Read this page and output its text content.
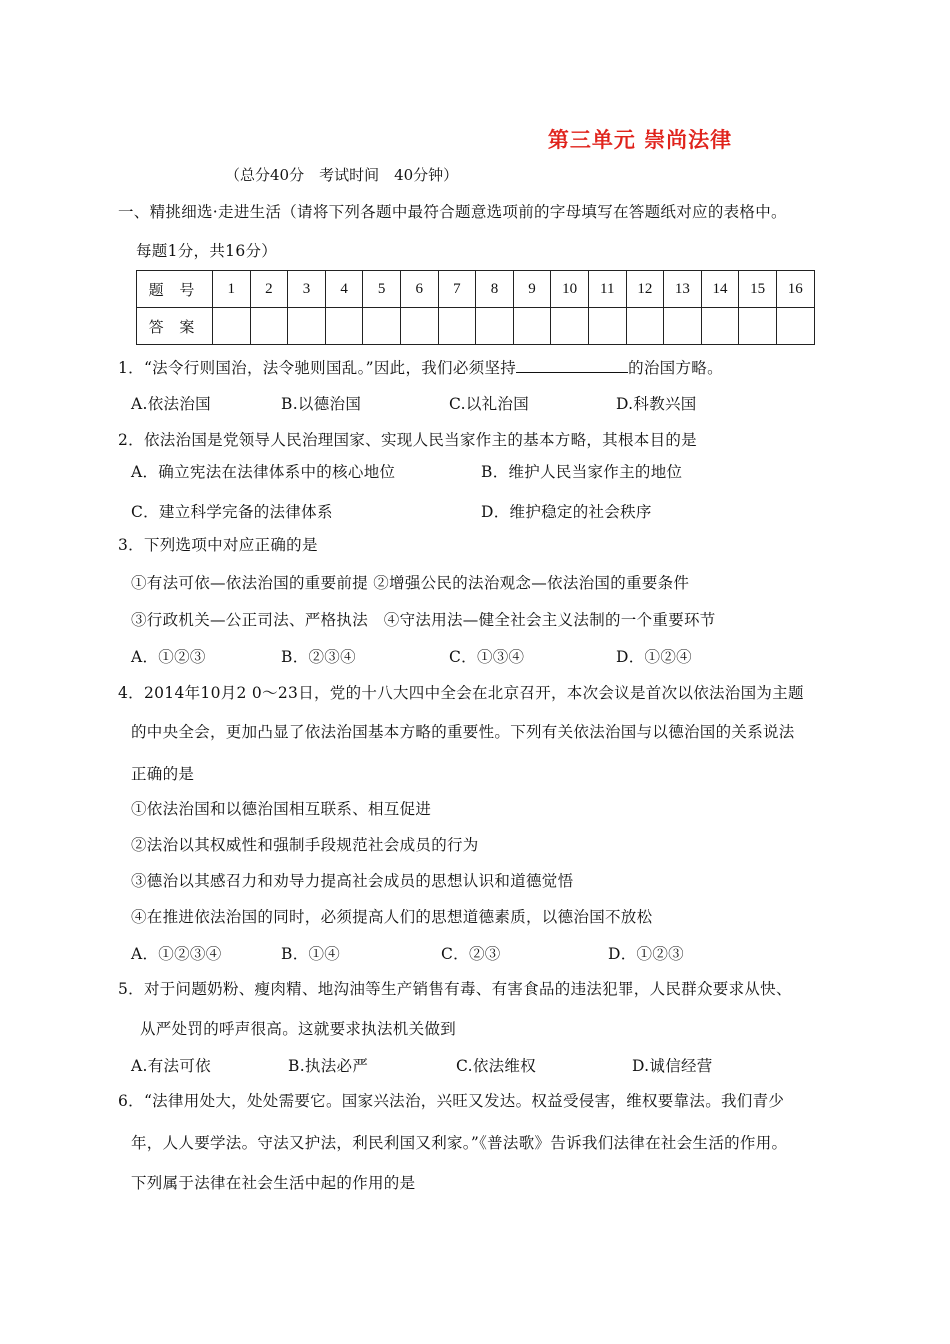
第三单元 崇尚法律
（总分40分　考试时间　40分钟）
一、精挑细选·走进生活（请将下列各题中最符合题意选项前的字母填写在答题纸对应的表格中。
每题1分，共16分）
题 号	1	2	3	4	5	6	7	8	9	10	11	12	13	14	15	16
答 案																
1．“法令行则国治，法令驰则国乱。”因此，我们必须坚持	的治国方略。
A.依法治国	B.以德治国	C.以礼治国	D.科教兴国
2．依法治国是党领导人民治理国家、实现人民当家作主的基本方略，其根本目的是
A．确立宪法在法律体系中的核心地位	B．维护人民当家作主的地位
C．建立科学完备的法律体系	D．维护稳定的社会秩序
3．下列选项中对应正确的是
①有法可依—依法治国的重要前提 ②增强公民的法治观念—依法治国的重要条件
③行政机关—公正司法、严格执法　④守法用法—健全社会主义法制的一个重要环节
A．①②③	B．②③④	C．①③④	D．①②④
4．2014年10月2 0～23日，党的十八大四中全会在北京召开，本次会议是首次以依法治国为主题
的中央全会，更加凸显了依法治国基本方略的重要性。下列有关依法治国与以德治国的关系说法
正确的是
①依法治国和以德治国相互联系、相互促进
②法治以其权威性和强制手段规范社会成员的行为
③德治以其感召力和劝导力提高社会成员的思想认识和道德觉悟
④在推进依法治国的同时，必须提高人们的思想道德素质，以德治国不放松
A．①②③④	B．①④	C．②③	D．①②③
5．对于问题奶粉、瘦肉精、地沟油等生产销售有毒、有害食品的违法犯罪，人民群众要求从快、
从严处罚的呼声很高。这就要求执法机关做到
A.有法可依	B.执法必严	C.依法维权	D.诚信经营
6．“法律用处大，处处需要它。国家兴法治，兴旺又发达。权益受侵害，维权要靠法。我们青少
年，人人要学法。守法又护法，利民利国又利家。”《普法歌》告诉我们法律在社会生活的作用。
下列属于法律在社会生活中起的作用的是
